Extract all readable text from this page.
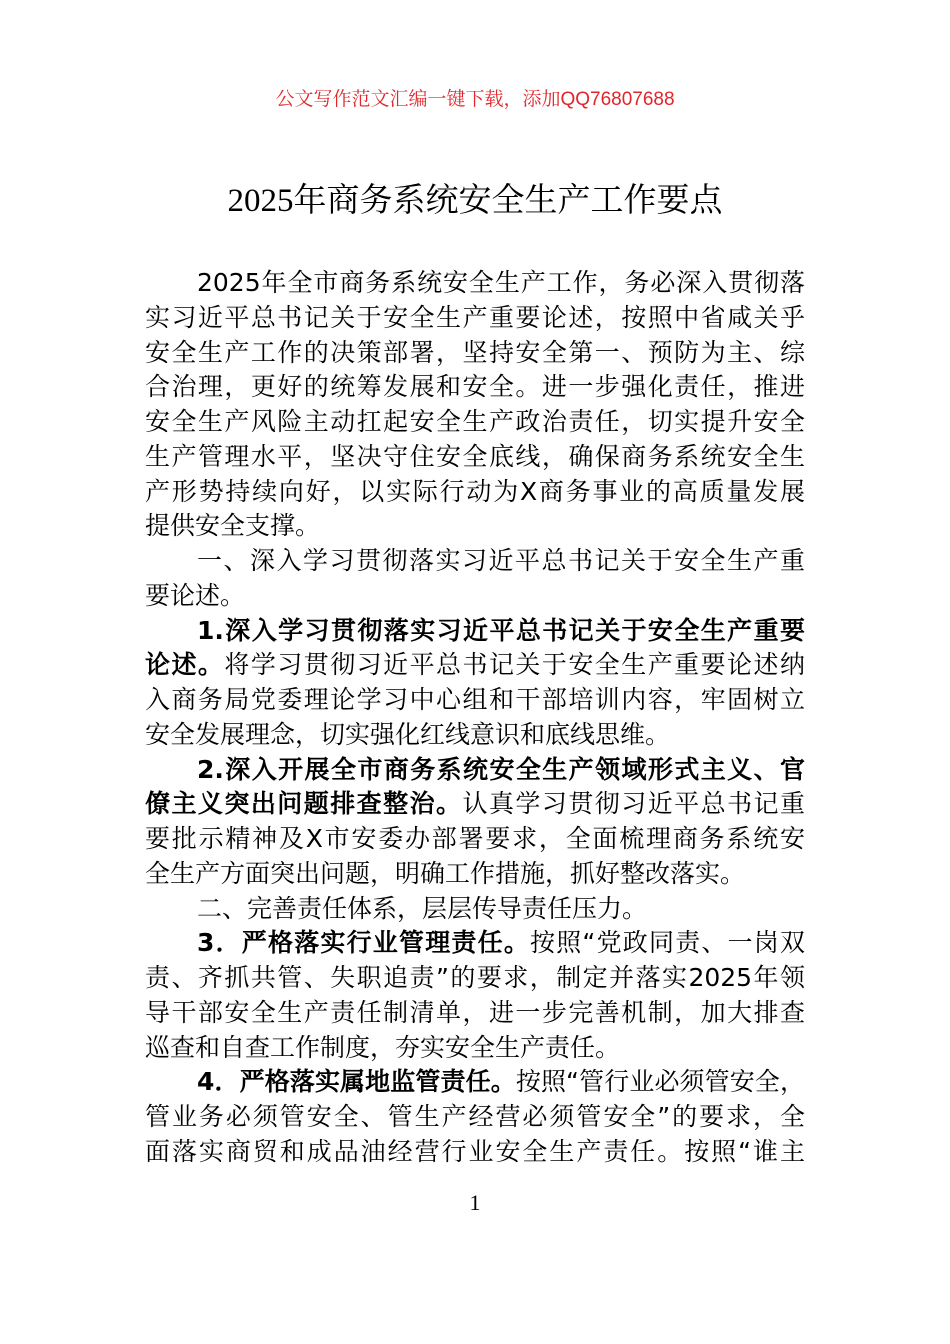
公文写作范文汇编一键下载，添加QQ76807688
2025年商务系统安全生产工作要点
2025年全市商务系统安全生产工作，务必深入贯彻落
实习近平总书记关于安全生产重要论述，按照中省咸关乎
安全生产工作的决策部署，坚持安全第一、预防为主、综
合治理，更好的统筹发展和安全。进一步强化责任，推进
安全生产风险主动扛起安全生产政治责任，切实提升安全
生产管理水平，坚决守住安全底线，确保商务系统安全生
产形势持续向好，以实际行动为X商务事业的高质量发展
提供安全支撑。
一、深入学习贯彻落实习近平总书记关于安全生产重
要论述。
1.深入学习贯彻落实习近平总书记关于安全生产重要
论述。将学习贯彻习近平总书记关于安全生产重要论述纳
入商务局党委理论学习中心组和干部培训内容，牢固树立
安全发展理念，切实强化红线意识和底线思维。
2.深入开展全市商务系统安全生产领域形式主义、官
僚主义突出问题排查整治。认真学习贯彻习近平总书记重
要批示精神及X市安委办部署要求，全面梳理商务系统安
全生产方面突出问题，明确工作措施，抓好整改落实。
二、完善责任体系，层层传导责任压力。
3．严格落实行业管理责任。按照“党政同责、一岗双
责、齐抓共管、失职追责”的要求，制定并落实2025年领
导干部安全生产责任制清单，进一步完善机制，加大排查
巡查和自查工作制度，夯实安全生产责任。
4．严格落实属地监管责任。按照“管行业必须管安全，
管业务必须管安全、管生产经营必须管安全”的要求，全
面落实商贸和成品油经营行业安全生产责任。按照“谁主
1
